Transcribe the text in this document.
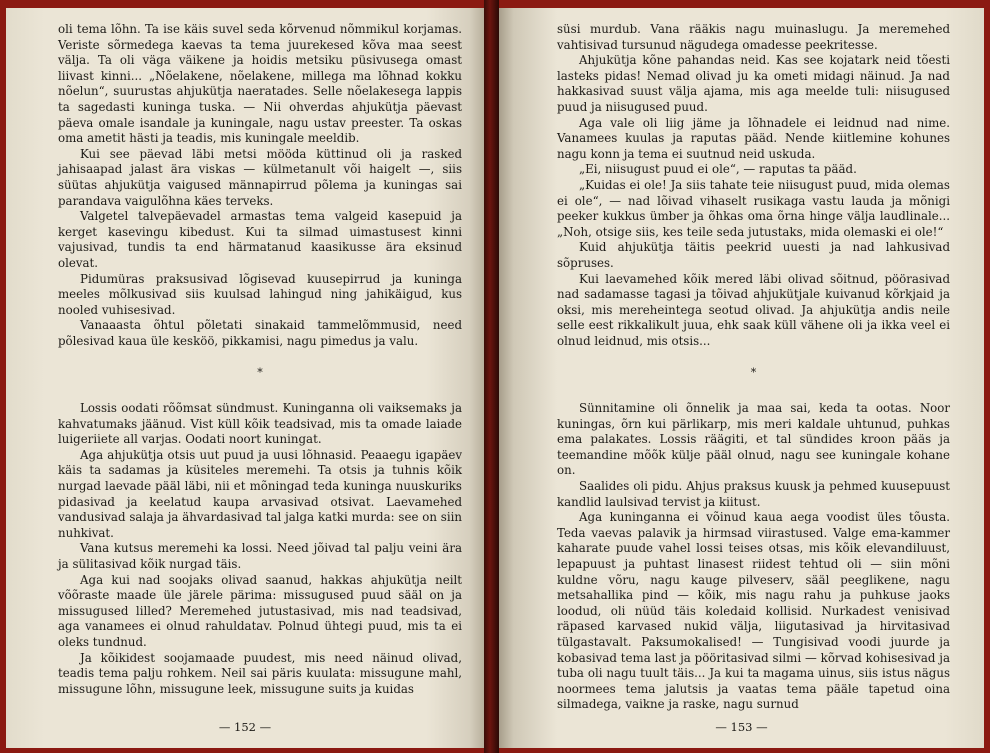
oli tema lõhn. Ta ise käis suvel seda kõrvenud nõmmikul korjamas. Veriste sõrmedega kaevas ta tema juurekesed kõva maa seest välja. Ta oli väga väikene ja hoidis metsiku püsivusega omast liivast kinni... „Nõelakene, nõelakene, millega ma lõhnad kokku nõelun“, suurustas ahjukütja naeratades. Selle nõelakesega lappis ta sagedasti kuninga tuska. — Nii ohverdas ahjukütja päevast päeva omale isandale ja kuningale, nagu ustav preester. Ta oskas oma ametit hästi ja teadis, mis kuningale meeldib.

Kui see päevad läbi metsi mööda küttinud oli ja rasked jahisaapad jalast ära viskas — külmetanult või haigelt —, siis süütas ahjukütja vaigused männapirrud põlema ja kuningas sai parandava vaigulõhna käes terveks.

Valgetel talvepäevadel armastas tema valgeid kasepuid ja kerget kasevingu kibedust. Kui ta silmad uimastusest kinni vajusivad, tundis ta end härmatanud kaasikusse ära eksinud olevat.

Pidumüras praksusivad lõgisevad kuusepirrud ja kuninga meeles mõlkusivad siis kuulsad lahingud ning jahikäigud, kus nooled vuhisesivad.

Vanaaastа õhtul põletati sinakaid tammelõmmusid, need põlesivad kaua üle kesköö, pikkamisi, nagu pimedus ja valu.

*

Lossis oodati rõõmsat sündmust. Kuninganna oli vaiksemaks ja kahvatumaks jäänud. Vist küll kõik teadsivad, mis ta omade laiade luigeriiete all varjas. Oodati noort kuningat.

Aga ahjukütja otsis uut puud ja uusi lõhnasid. Peaaegu igapäev käis ta sadamas ja küsiteles meremehi. Ta otsis ja tuhnis kõik nurgad laevade pääl läbi, nii et mõningad teda kuninga nuuskuriks pidasivad ja keelatud kaupa arvasivad otsivat. Laevamehed vandusivad salaja ja ähvardasivad tal jalga katki murda: see on siin nuhkivat.

Vana kutsus meremehi ka lossi. Need jõivad tal palju veini ära ja sülitasivad kõik nurgad täis.

Aga kui nad soojaks olivad saanud, hakkas ahjukütja neilt võõraste maade üle järele pärima: missugused puud sääl on ja missugused lilled? Meremehed jutustasivad, mis nad teadsivad, aga vanamees ei olnud rahuldatav. Polnud ühtegi puud, mis ta ei oleks tundnud.

Ja kõikidest soojamaade puudest, mis need näinud olivad, teadis tema palju rohkem. Neil sai päris kuulata: missugune mahl, missugune lõhn, missugune leek, missugune suits ja kuidas

— 152 —

süsi murdub. Vana rääkis nagu muinaslugu. Ja meremehed vahtisivad tursunud nägudega omadesse peekritesse.

Ahjukütja kõne pahandas neid. Kas see kojatark neid tõesti lasteks pidas! Nemad olivad ju ka ometi midagi näinud. Ja nad hakkasivad suust välja ajama, mis aga meelde tuli: niisugused puud ja niisugused puud.

Aga vale oli liig jäme ja lõhnadele ei leidnud nad nime. Vanamees kuulas ja raputas pääd. Nende kiitlemine kohunes nagu konn ja tema ei suutnud neid uskuda.

„Ei, niisugust puud ei ole“, — raputas ta pääd.

„Kuidas ei ole! Ja siis tahate teie niisugust puud, mida olemas ei ole“, — nad lõivad vihaselt rusikaga vastu lauda ja mõnigi peeker kukkus ümber ja õhkas oma õrna hinge välja laudlinale... „Noh, otsige siis, kes teile seda jutustaks, mida olemaski ei ole!“

Kuid ahjukütja täitis peekrid uuesti ja nad lahkusivad sõpruses.

Kui laevamehed kõik mered läbi olivad sõitnud, pöörasivad nad sadamasse tagasi ja tõivad ahjukütjale kuivanud kõrkjaid ja oksi, mis mereheintega seotud olivad. Ja ahjukütja andis neile selle eest rikkalikult juua, ehk saak küll vähene oli ja ikka veel ei olnud leidnud, mis otsis...

*

Sünnitamine oli õnnelik ja maa sai, keda ta ootas. Noor kuningas, õrn kui pärlikarp, mis meri kaldale uhtunud, puhkas ema palakates. Lossis räägiti, et tal sündides kroon pääs ja teemandine mõõk külje pääl olnud, nagu see kuningale kohane on.

Saalides oli pidu. Ahjus praksus kuusk ja pehmed kuusepuust kandlid laulsivad tervist ja kiitust.

Aga kuninganna ei võinud kaua aega voodist üles tõusta. Teda vaevas palavik ja hirmsad viirastused. Valge ema-kammer kaharate puude vahel lossi teises otsas, mis kõik elevandiluust, lepapuust ja puhtast linasest riidest tehtud oli — siin mõni kuldne võru, nagu kauge pilveserv, sääl peeglikene, nagu metsahallika pind — kõik, mis nagu rahu ja puhkuse jaoks loodud, oli nüüd täis koledaid kollisid. Nurkadest venisivad räpased karvased nukid välja, liigutasivad ja hirvitasivad tülgastavalt. Paksumokalised! — Tungisivad voodi juurde ja kobasivad tema last ja pööritasivad silmi — kõrvad kohisesivad ja tuba oli nagu tuult täis... Ja kui ta magama uinus, siis istus nägus noormees tema jalutsis ja vaatas tema pääle tapetud oina silmadega, vaikne ja raske, nagu surnud

— 153 —
